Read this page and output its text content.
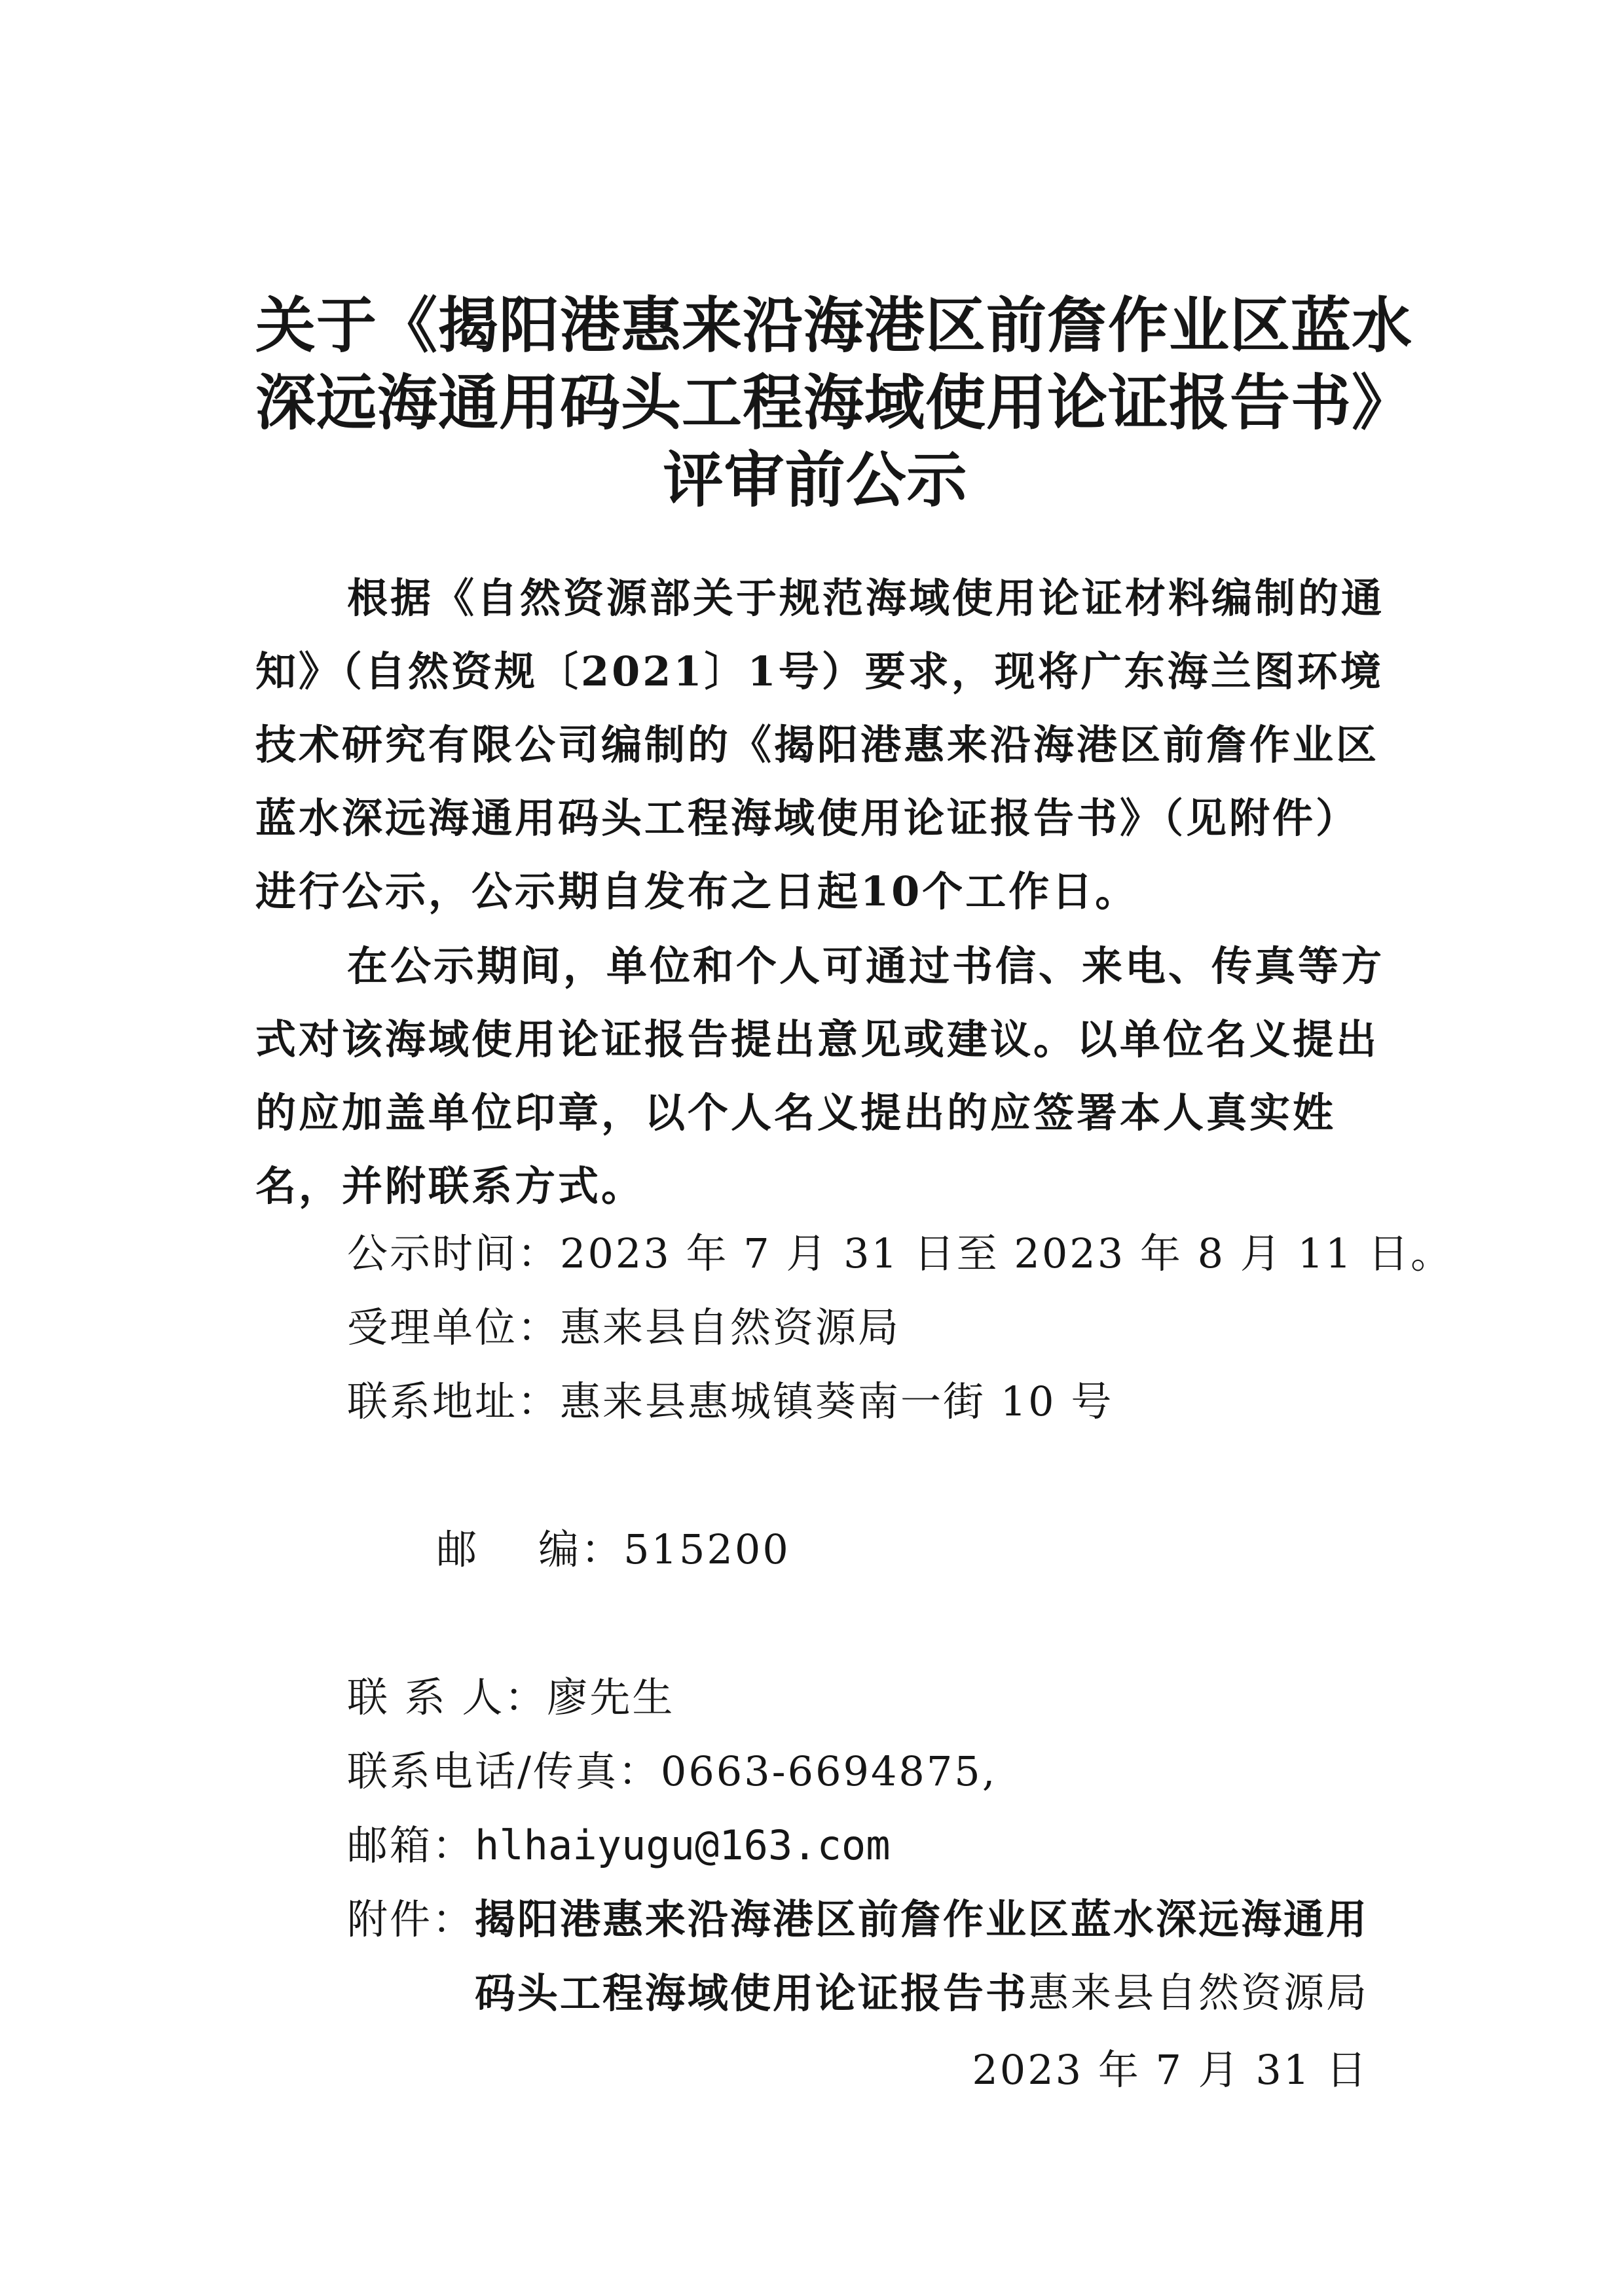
关于《揭阳港惠来沿海港区前詹作业区蓝水
深远海通用码头工程海域使用论证报告书》
评审前公示

根据《自然资源部关于规范海域使用论证材料编制的通知》（自然资规〔2021〕1号）要求，现将广东海兰图环境技术研究有限公司编制的《揭阳港惠来沿海港区前詹作业区蓝水深远海通用码头工程海域使用论证报告书》（见附件）进行公示，公示期自发布之日起10个工作日。

在公示期间，单位和个人可通过书信、来电、传真等方式对该海域使用论证报告提出意见或建议。以单位名义提出的应加盖单位印章，以个人名义提出的应签署本人真实姓名，并附联系方式。

公示时间：2023 年 7 月 31 日至 2023 年 8 月 11 日。
受理单位：惠来县自然资源局
联系地址：惠来县惠城镇葵南一街 10 号

邮    编：515200

联 系 人：廖先生
联系电话/传真：0663-6694875,
邮箱：hlhaiyugu@163.com
附件： 揭阳港惠来沿海港区前詹作业区蓝水深远海通用码头工程海域使用论证报告书 惠来县自然资源局
2023 年 7 月 31 日
